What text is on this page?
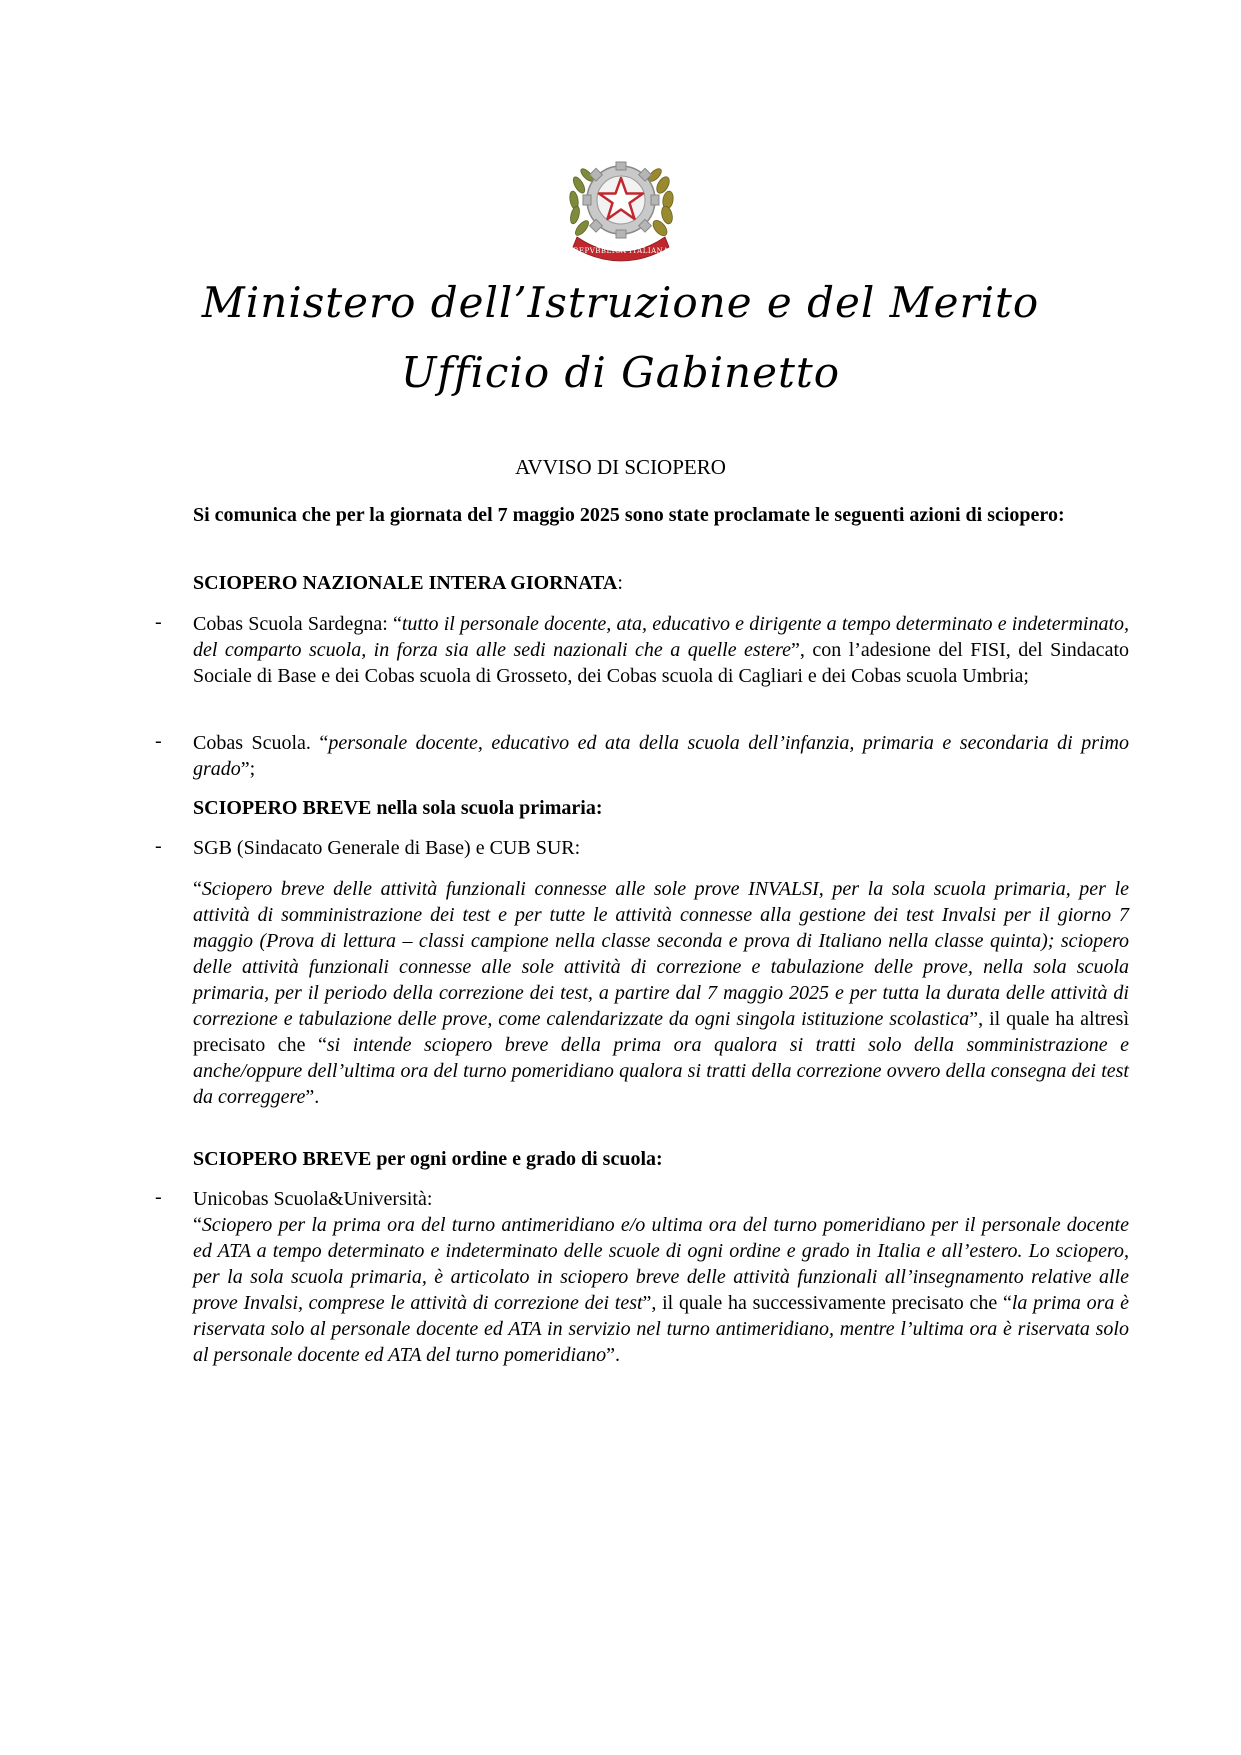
REPVBBLICA ITALIANA
Ministero dell’Istruzione e del Merito
Ufficio di Gabinetto
AVVISO DI SCIOPERO
Si comunica che per la giornata del 7 maggio 2025 sono state proclamate le seguenti azioni di sciopero:
SCIOPERO NAZIONALE INTERA GIORNATA:
- Cobas Scuola Sardegna: “tutto il personale docente, ata, educativo e dirigente a tempo determinato e indeterminato, del comparto scuola, in forza sia alle sedi nazionali che a quelle estere”, con l’adesione del FISI, del Sindacato Sociale di Base e dei Cobas scuola di Grosseto, dei Cobas scuola di Cagliari e dei Cobas scuola Umbria;
- Cobas Scuola. “personale docente, educativo ed ata della scuola dell’infanzia, primaria e secondaria di primo grado”;
SCIOPERO BREVE nella sola scuola primaria:
- SGB (Sindacato Generale di Base) e CUB SUR:
“Sciopero breve delle attività funzionali connesse alle sole prove INVALSI, per la sola scuola primaria, per le attività di somministrazione dei test e per tutte le attività connesse alla gestione dei test Invalsi per il giorno 7 maggio (Prova di lettura – classi campione nella classe seconda e prova di Italiano nella classe quinta); sciopero delle attività funzionali connesse alle sole attività di correzione e tabulazione delle prove, nella sola scuola primaria, per il periodo della correzione dei test, a partire dal 7 maggio 2025 e per tutta la durata delle attività di correzione e tabulazione delle prove, come calendarizzate da ogni singola istituzione scolastica”, il quale ha altresì precisato che “si intende sciopero breve della prima ora qualora si tratti solo della somministrazione e anche/oppure dell’ultima ora del turno pomeridiano qualora si tratti della correzione ovvero della consegna dei test da correggere”.
SCIOPERO BREVE per ogni ordine e grado di scuola:
- Unicobas Scuola&Università:
“Sciopero per la prima ora del turno antimeridiano e/o ultima ora del turno pomeridiano per il personale docente ed ATA a tempo determinato e indeterminato delle scuole di ogni ordine e grado in Italia e all’estero. Lo sciopero, per la sola scuola primaria, è articolato in sciopero breve delle attività funzionali all’insegnamento relative alle prove Invalsi, comprese le attività di correzione dei test”, il quale ha successivamente precisato che “la prima ora è riservata solo al personale docente ed ATA in servizio nel turno antimeridiano, mentre l’ultima ora è riservata solo al personale docente ed ATA del turno pomeridiano”.
